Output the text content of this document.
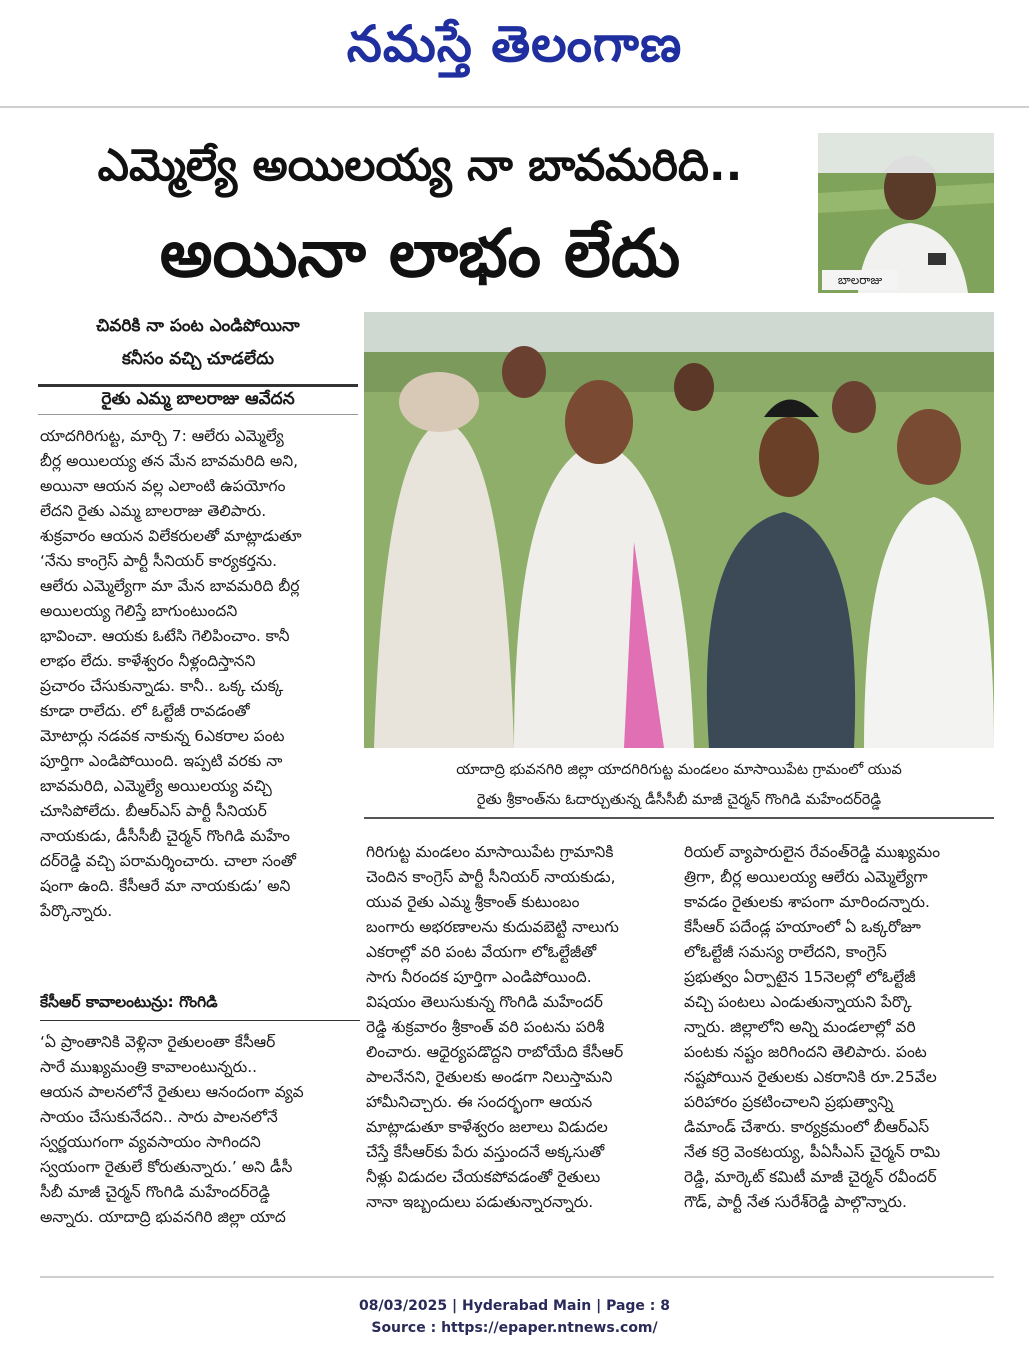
నమస్తే తెలంగాణ
ఎమ్మెల్యే అయిలయ్య నా బావమరిది..
అయినా లాభం లేదు	బాలరాజు
చివరికి నా పంట ఎండిపోయినా
కనీసం వచ్చి చూడలేదు
రైతు ఎమ్మ బాలరాజు ఆవేదన
యాదగిరిగుట్ట, మార్చి 7: ఆలేరు ఎమ్మెల్యే
బీర్ల అయిలయ్య తన మేన బావమరిది అని,
అయినా ఆయన వల్ల ఎలాంటి ఉపయోగం
లేదని రైతు ఎమ్మ బాలరాజు తెలిపారు.
శుక్రవారం ఆయన విలేకరులతో మాట్లాడుతూ
‘నేను కాంగ్రెస్ పార్టీ సీనియర్ కార్యకర్తను.
ఆలేరు ఎమ్మెల్యేగా మా మేన బావమరిది బీర్ల
అయిలయ్య గెలిస్తే బాగుంటుందని
భావించా. ఆయకు ఓటేసి గెలిపించాం. కానీ
లాభం లేదు. కాళేశ్వరం నీళ్లందిస్తానని
ప్రచారం చేసుకున్నాడు. కానీ.. ఒక్క చుక్క
కూడా రాలేదు. లో ఓల్టేజీ రావడంతో
మోటార్లు నడవక నాకున్న 6ఎకరాల పంట
పూర్తిగా ఎండిపోయింది. ఇప్పటి వరకు నా
బావమరిది, ఎమ్మెల్యే అయిలయ్య వచ్చి
చూసిపోలేదు. బీఆర్ఎస్ పార్టీ సీనియర్
నాయకుడు, డీసీసీబీ చైర్మన్ గొంగిడి మహేం
దర్‌రెడ్డి వచ్చి పరామర్శించారు. చాలా సంతో
షంగా ఉంది. కేసీఆరే మా నాయకుడు’ అని
పేర్కొన్నారు.
కేసీఆర్ కావాలంటున్రు: గొంగిడి
‘ఏ ప్రాంతానికి వెళ్లినా రైతులంతా కేసీఆర్
సారే ముఖ్యమంత్రి కావాలంటున్నరు..
ఆయన పాలనలోనే రైతులు ఆనందంగా వ్యవ
సాయం చేసుకునేదని.. సారు పాలనలోనే
స్వర్ణయుగంగా వ్యవసాయం సాగిందని
స్వయంగా రైతులే కోరుతున్నారు.’ అని డీసీ
సీబీ మాజీ చైర్మన్ గొంగిడి మహేందర్‌రెడ్డి
అన్నారు. యాదాద్రి భువనగిరి జిల్లా యాద
యాదాద్రి భువనగిరి జిల్లా యాదగిరిగుట్ట మండలం మాసాయిపేట గ్రామంలో యువ
రైతు శ్రీకాంత్‌ను ఓదార్చుతున్న డీసీసీబీ మాజీ చైర్మన్ గొంగిడి మహేందర్‌రెడ్డి
గిరిగుట్ట మండలం మాసాయిపేట గ్రామానికి
చెందిన కాంగ్రెస్ పార్టీ సీనియర్ నాయకుడు,
యువ రైతు ఎమ్మ శ్రీకాంత్ కుటుంబం
బంగారు అభరణాలను కుదువబెట్టి నాలుగు
ఎకరాల్లో వరి పంట వేయగా లోఓల్టేజీతో
సాగు నీరందక పూర్తిగా ఎండిపోయింది.
విషయం తెలుసుకున్న గొంగిడి మహేందర్
రెడ్డి శుక్రవారం శ్రీకాంత్ వరి పంటను పరిశీ
లించారు. ఆధైర్యపడొద్దని రాబోయేది కేసీఆర్
పాలనేనని, రైతులకు అండగా నిలుస్తామని
హామీనిచ్చారు. ఈ సందర్భంగా ఆయన
మాట్లాడుతూ కాళేశ్వరం జలాలు విడుదల
చేస్తే కేసీఆర్‌కు పేరు వస్తుందనే అక్కసుతో
నీళ్లు విడుదల చేయకపోవడంతో రైతులు
నానా ఇబ్బందులు పడుతున్నారన్నారు.
రియల్ వ్యాపారులైన రేవంత్‌రెడ్డి ముఖ్యమం
త్రిగా, బీర్ల అయిలయ్య ఆలేరు ఎమ్మెల్యేగా
కావడం రైతులకు శాపంగా మారిందన్నారు.
కేసీఆర్ పదేండ్ల హయాంలో ఏ ఒక్కరోజూ
లోఓల్టేజీ సమస్య రాలేదని, కాంగ్రెస్
ప్రభుత్వం ఏర్పాటైన 15నెలల్లో లోఓల్టేజీ
వచ్చి పంటలు ఎండుతున్నాయని పేర్కొ
న్నారు. జిల్లాలోని అన్ని మండలాల్లో వరి
పంటకు నష్టం జరిగిందని తెలిపారు. పంట
నష్టపోయిన రైతులకు ఎకరానికి రూ.25వేల
పరిహారం ప్రకటించాలని ప్రభుత్వాన్ని
డిమాండ్ చేశారు. కార్యక్రమంలో బీఆర్ఎస్
నేత కర్రె వెంకటయ్య, పీఏసీఎస్ చైర్మన్ రామి
రెడ్డి, మార్కెట్ కమిటీ మాజీ చైర్మన్ రవీందర్
గౌడ్, పార్టీ నేత సురేశ్‌రెడ్డి పాల్గొన్నారు.
08/03/2025 | Hyderabad Main | Page : 8
Source : https://epaper.ntnews.com/
